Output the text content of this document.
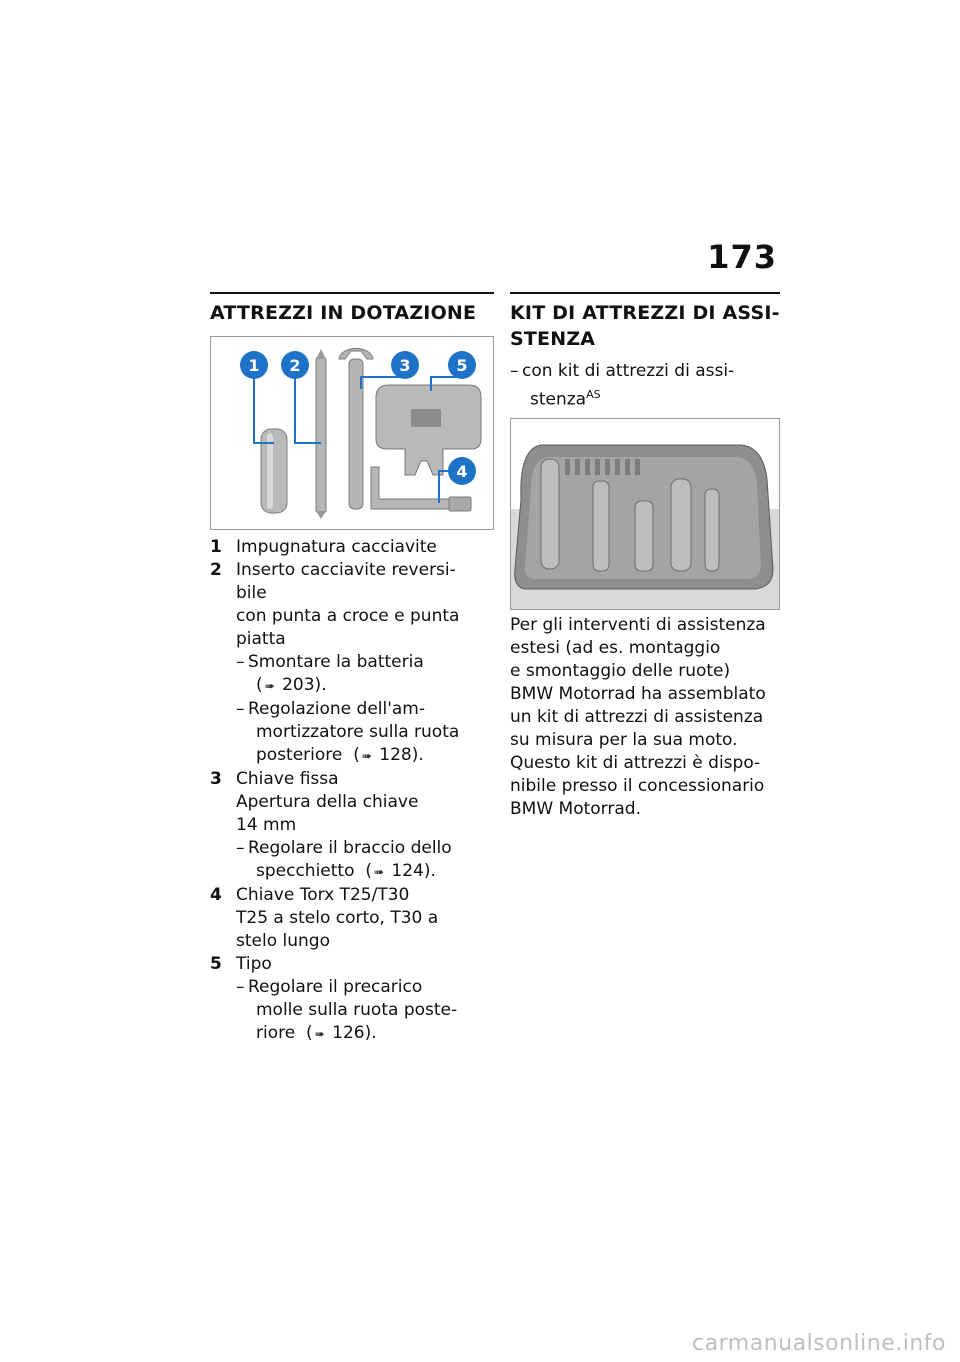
173
ATTREZZI IN DOTAZIONE
1 2	3	5
4
1 Impugnatura cacciavite
2 Inserto cacciavite reversi-
bile
con punta a croce e punta
piatta
– Smontare la batteria
( ➠ 203).
– Regolazione dell'am-
mortizzatore sulla ruota
posteriore ( ➠ 128).
3 Chiave fissa
Apertura della chiave
14 mm
– Regolare il braccio dello
specchietto ( ➠ 124).
4 Chiave Torx T25/T30
T25 a stelo corto, T30 a
stelo lungo
5 Tipo
– Regolare il precarico
molle sulla ruota poste-
riore ( ➠ 126).
KIT DI ATTREZZI DI ASSI-
STENZA
– con kit di attrezzi di assi-
stenza$^{AS}$
Per gli interventi di assistenza
estesi (ad es. montaggio
e smontaggio delle ruote)
BMW Motorrad ha assemblato
un kit di attrezzi di assistenza
su misura per la sua moto.
Questo kit di attrezzi è dispo-
nibile presso il concessionario
BMW Motorrad.
carmanualsonline.info
